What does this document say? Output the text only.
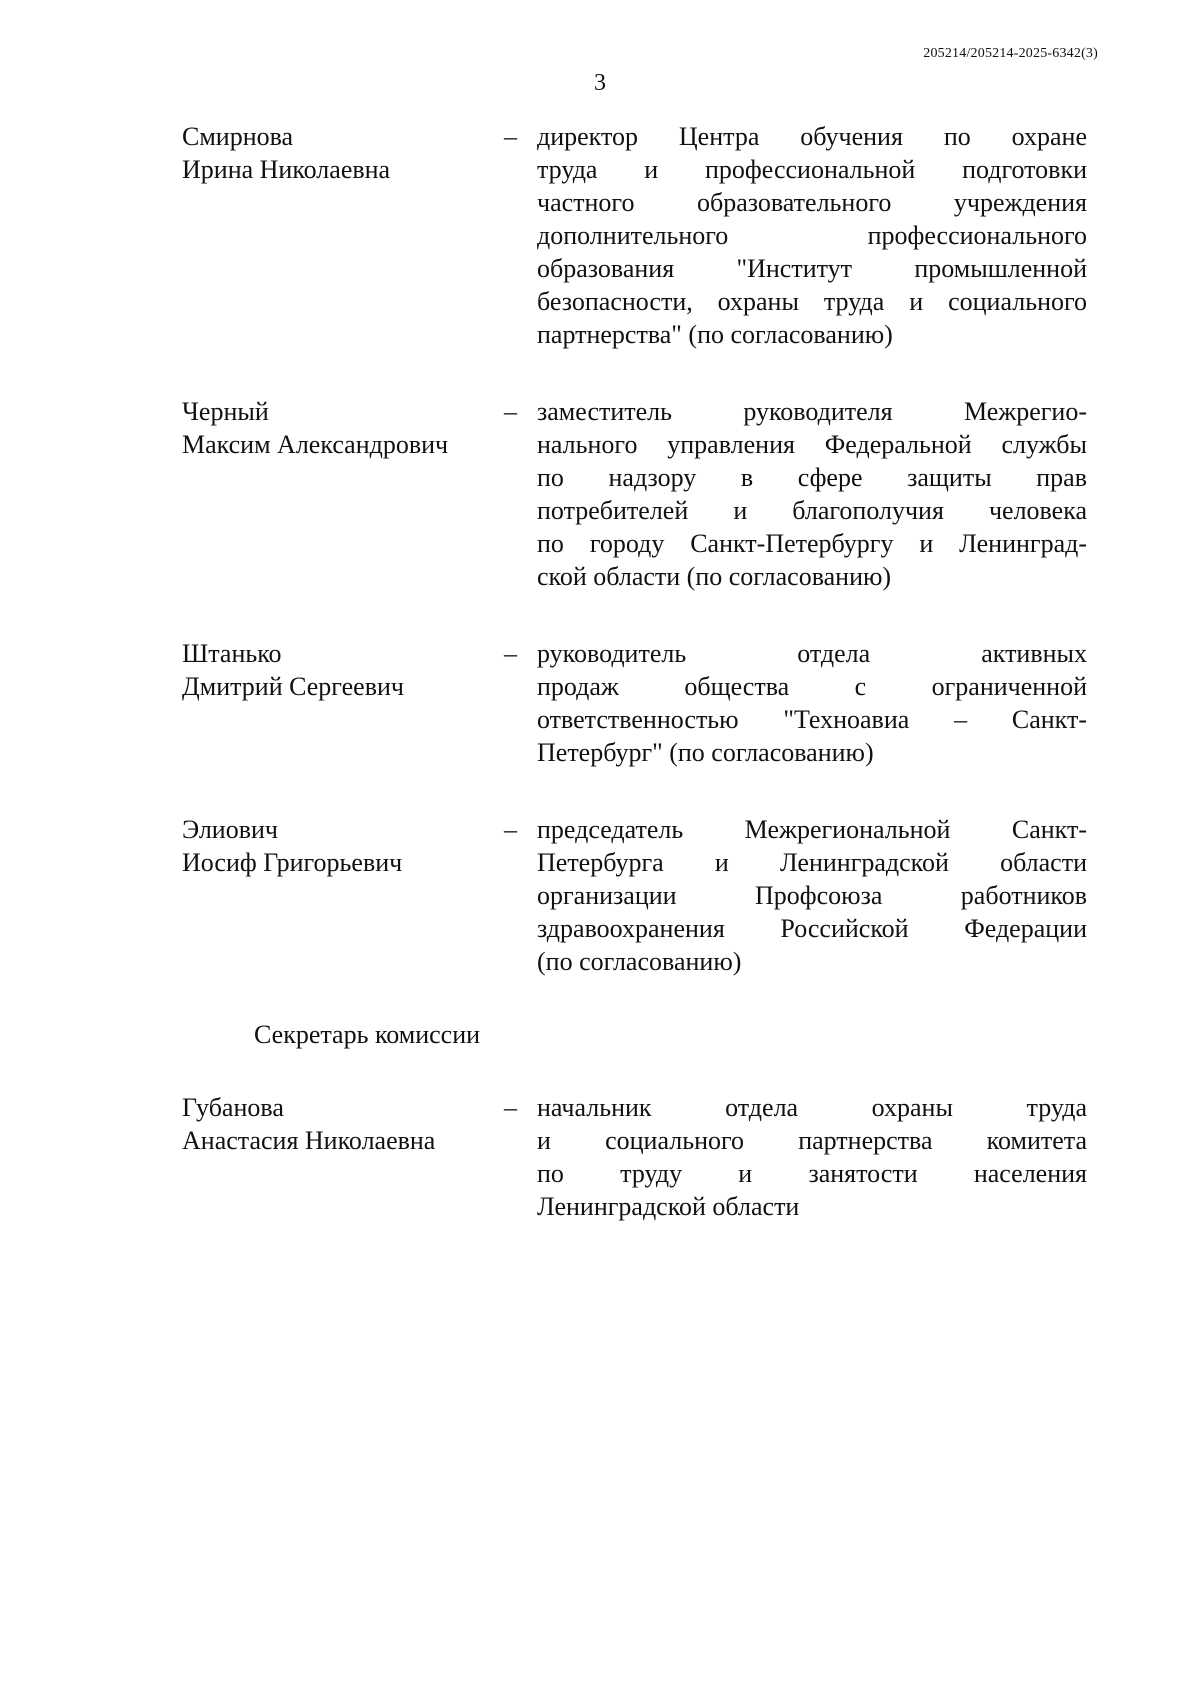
205214/205214-2025-6342(3)
3
Смирнова
Ирина Николаевна
– директор Центра обучения по охране
труда и профессиональной подготовки
частного образовательного учреждения
дополнительного профессионального
образования "Институт промышленной
безопасности, охраны труда и социального
партнерства" (по согласованию)
Черный
Максим Александрович
– заместитель руководителя Межрегио-
нального управления Федеральной службы
по надзору в сфере защиты прав
потребителей и благополучия человека
по городу Санкт-Петербургу и Ленинград-
ской области (по согласованию)
Штанько
Дмитрий Сергеевич
– руководитель отдела активных
продаж общества с ограниченной
ответственностью "Техноавиа – Санкт-
Петербург" (по согласованию)
Элиович
Иосиф Григорьевич
– председатель Межрегиональной Санкт-
Петербурга и Ленинградской области
организации Профсоюза работников
здравоохранения Российской Федерации
(по согласованию)
Секретарь комиссии
Губанова
Анастасия Николаевна
– начальник отдела охраны труда
и социального партнерства комитета
по труду и занятости населения
Ленинградской области
